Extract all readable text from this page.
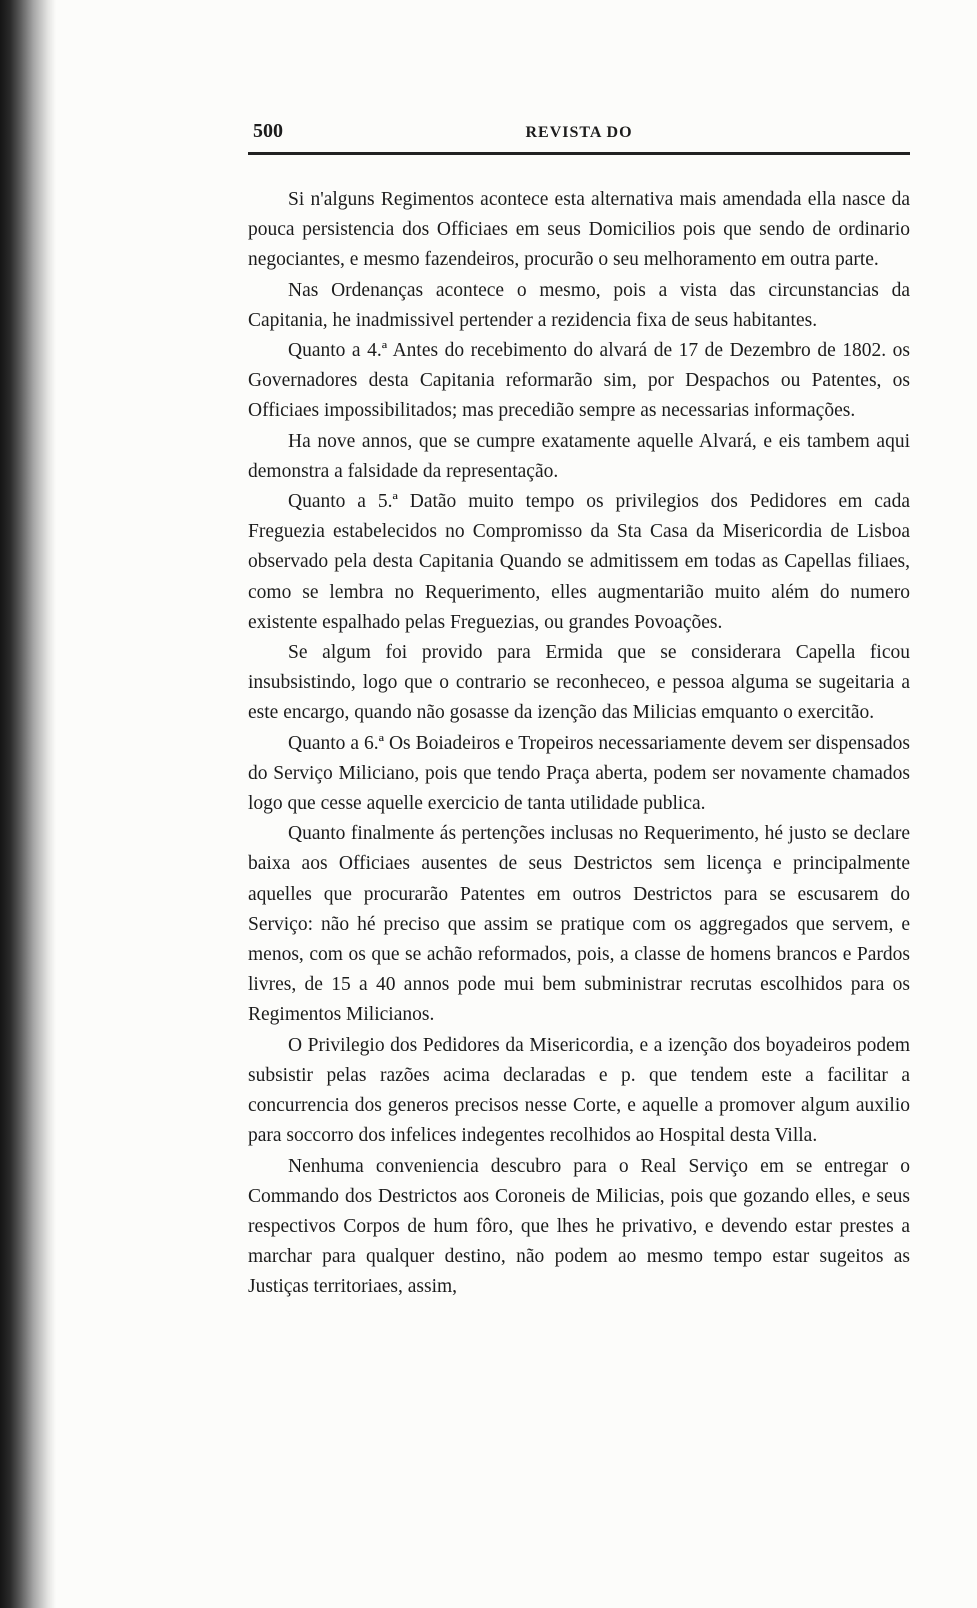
500	REVISTA DO

Si n'alguns Regimentos acontece esta alternativa mais amendada ella nasce da pouca persistencia dos Officiaes em seus Domicilios pois que sendo de ordinario negociantes, e mesmo fazendeiros, procurão o seu melhoramento em outra parte.

Nas Ordenanças acontece o mesmo, pois a vista das circunstancias da Capitania, he inadmissivel pertender a rezidencia fixa de seus habitantes.

Quanto a 4.ª Antes do recebimento do alvará de 17 de Dezembro de 1802. os Governadores desta Capitania reformarão sim, por Despachos ou Patentes, os Officiaes impossibilitados; mas precedião sempre as necessarias informações.

Ha nove annos, que se cumpre exatamente aquelle Alvará, e eis tambem aqui demonstra a falsidade da representação.

Quanto a 5.ª Datão muito tempo os privilegios dos Pedidores em cada Freguezia estabelecidos no Compromisso da Sta Casa da Misericordia de Lisboa observado pela desta Capitania Quando se admitissem em todas as Capellas filiaes, como se lembra no Requerimento, elles augmentarião muito além do numero existente espalhado pelas Freguezias, ou grandes Povoações.

Se algum foi provido para Ermida que se considerara Capella ficou insubsistindo, logo que o contrario se reconheceo, e pessoa alguma se sugeitaria a este encargo, quando não gosasse da izenção das Milicias emquanto o exercitão.

Quanto a 6.ª Os Boiadeiros e Tropeiros necessariamente devem ser dispensados do Serviço Miliciano, pois que tendo Praça aberta, podem ser novamente chamados logo que cesse aquelle exercicio de tanta utilidade publica.

Quanto finalmente ás pertenções inclusas no Requerimento, hé justo se declare baixa aos Officiaes ausentes de seus Destrictos sem licença e principalmente aquelles que procurarão Patentes em outros Destrictos para se escusarem do Serviço: não hé preciso que assim se pratique com os aggregados que servem, e menos, com os que se achão reformados, pois, a classe de homens brancos e Pardos livres, de 15 a 40 annos pode mui bem subministrar recrutas escolhidos para os Regimentos Milicianos.

O Privilegio dos Pedidores da Misericordia, e a izenção dos boyadeiros podem subsistir pelas razões acima declaradas e p. que tendem este a facilitar a concurrencia dos generos precisos nesse Corte, e aquelle a promover algum auxilio para soccorro dos infelices indegentes recolhidos ao Hospital desta Villa.

Nenhuma conveniencia descubro para o Real Serviço em se entregar o Commando dos Destrictos aos Coroneis de Milicias, pois que gozando elles, e seus respectivos Corpos de hum fôro, que lhes he privativo, e devendo estar prestes a marchar para qualquer destino, não podem ao mesmo tempo estar sugeitos as Justiças territoriaes, assim,
